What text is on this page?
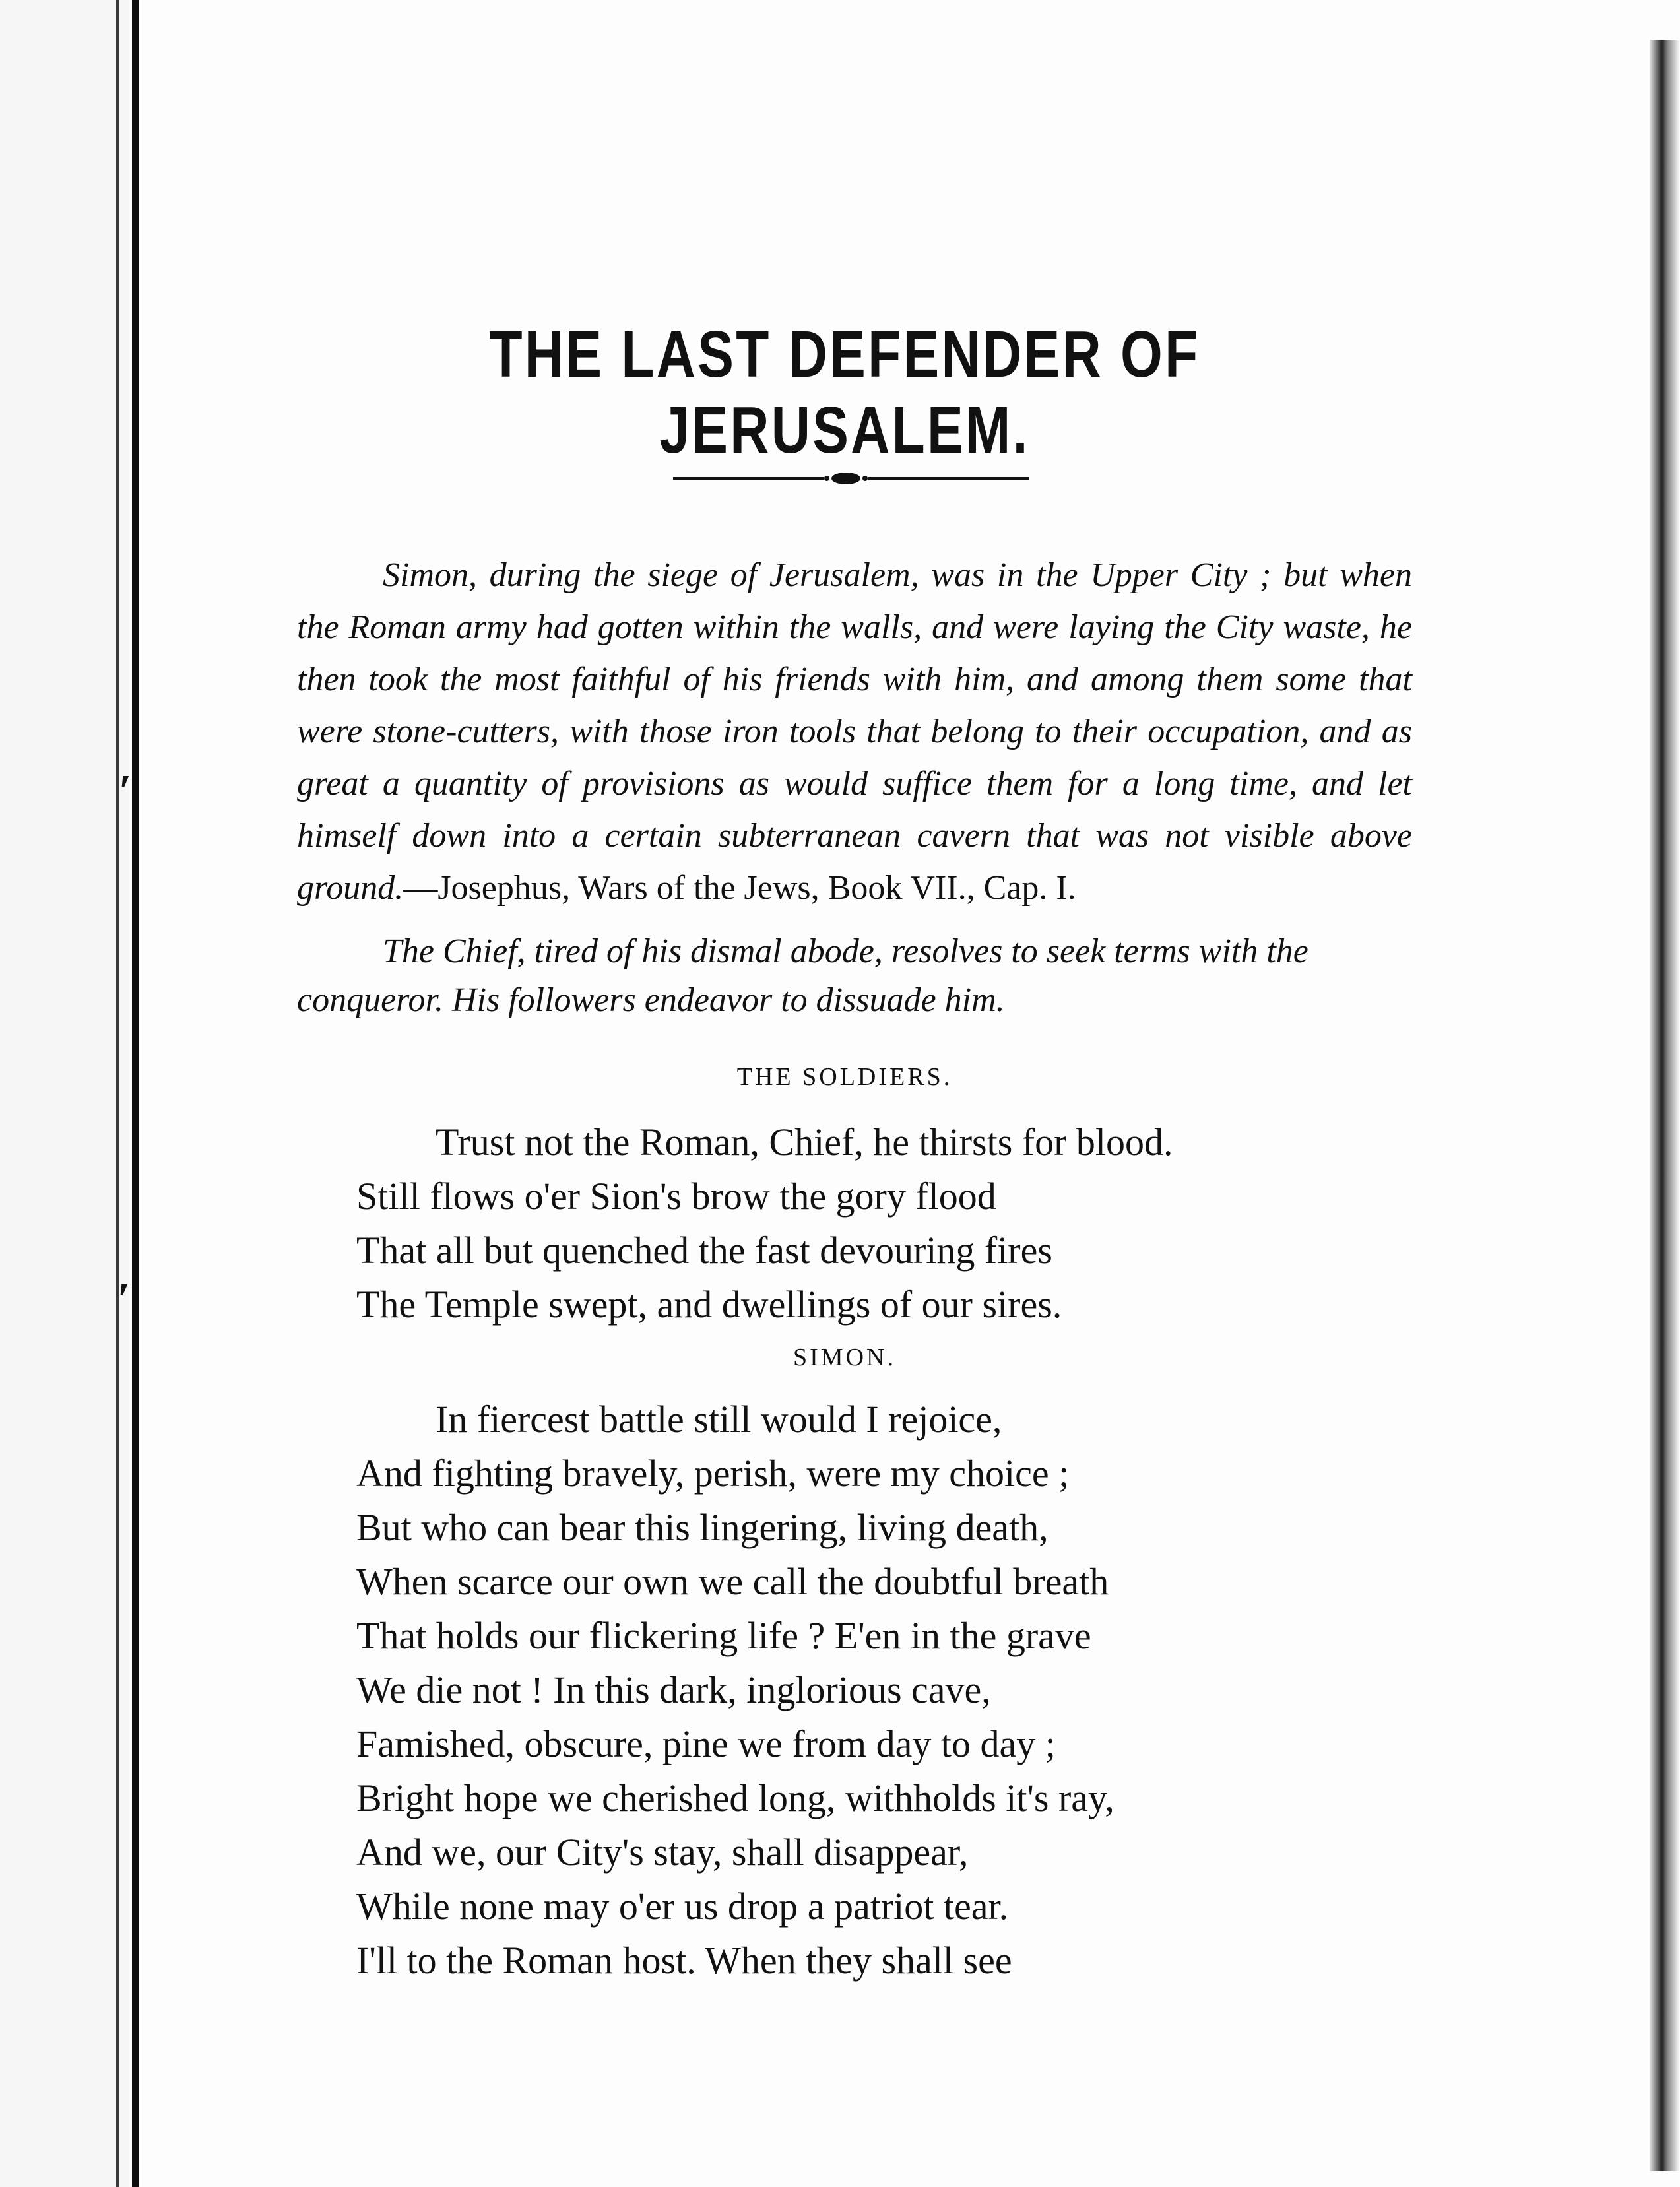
ʹ
ʹ
THE LAST DEFENDER OF JERUSALEM.
Simon, during the siege of Jerusalem, was in the Upper City ; but when the Roman army had gotten within the walls, and were laying the City waste, he then took the most faithful of his friends with him, and among them some that were stone-cutters, with those iron tools that belong to their occupation, and as great a quantity of provisions as would suffice them for a long time, and let himself down into a certain subterranean cavern that was not visible above ground.—Josephus, Wars of the Jews, Book VII., Cap. I.
The Chief, tired of his dismal abode, resolves to seek terms with the conqueror. His followers endeavor to dissuade him.
THE SOLDIERS.
Trust not the Roman, Chief, he thirsts for blood.
Still flows o'er Sion's brow the gory flood
That all but quenched the fast devouring fires
The Temple swept, and dwellings of our sires.
SIMON.
In fiercest battle still would I rejoice,
And fighting bravely, perish, were my choice ;
But who can bear this lingering, living death,
When scarce our own we call the doubtful breath
That holds our flickering life ? E'en in the grave
We die not ! In this dark, inglorious cave,
Famished, obscure, pine we from day to day ;
Bright hope we cherished long, withholds it's ray,
And we, our City's stay, shall disappear,
While none may o'er us drop a patriot tear.
I'll to the Roman host. When they shall see
